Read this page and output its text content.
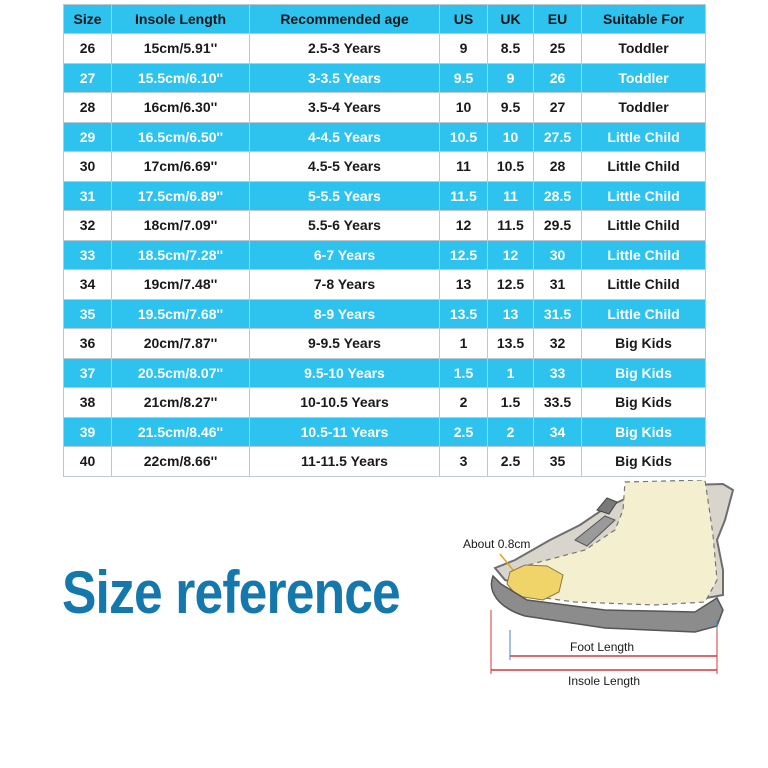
Size	Insole Length	Recommended age	US	UK	EU	Suitable For
26	15cm/5.91''	2.5-3 Years	9	8.5	25	Toddler
27	15.5cm/6.10''	3-3.5 Years	9.5	9	26	Toddler
28	16cm/6.30''	3.5-4 Years	10	9.5	27	Toddler
29	16.5cm/6.50''	4-4.5 Years	10.5	10	27.5	Little Child
30	17cm/6.69''	4.5-5 Years	11	10.5	28	Little Child
31	17.5cm/6.89''	5-5.5 Years	11.5	11	28.5	Little Child
32	18cm/7.09''	5.5-6 Years	12	11.5	29.5	Little Child
33	18.5cm/7.28''	6-7 Years	12.5	12	30	Little Child
34	19cm/7.48''	7-8 Years	13	12.5	31	Little Child
35	19.5cm/7.68''	8-9 Years	13.5	13	31.5	Little Child
36	20cm/7.87''	9-9.5 Years	1	13.5	32	Big Kids
37	20.5cm/8.07''	9.5-10 Years	1.5	1	33	Big Kids
38	21cm/8.27''	10-10.5 Years	2	1.5	33.5	Big Kids
39	21.5cm/8.46''	10.5-11 Years	2.5	2	34	Big Kids
40	22cm/8.66''	11-11.5 Years	3	2.5	35	Big Kids
Size reference
About 0.8cm
Foot Length
Insole Length
